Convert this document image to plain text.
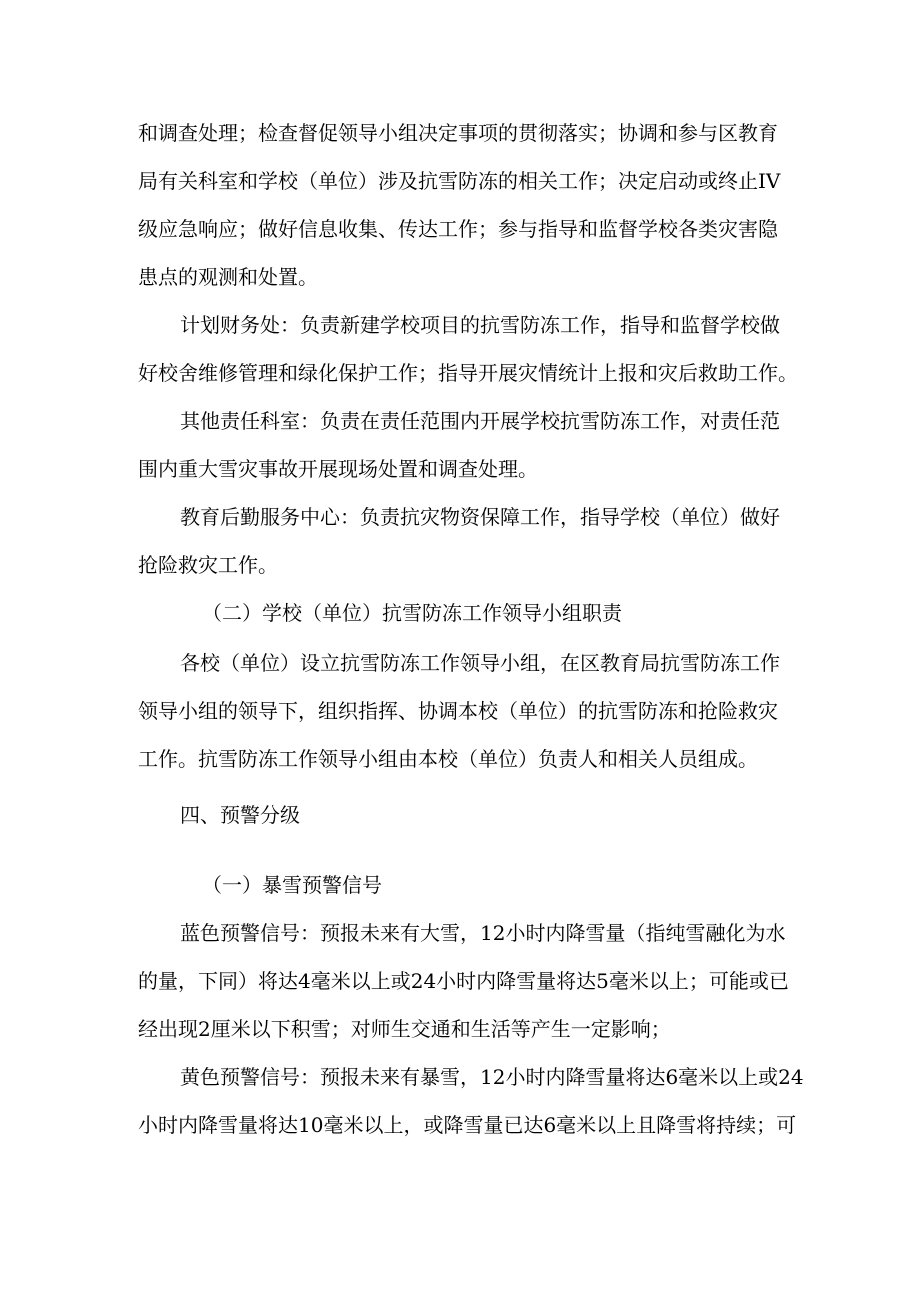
和调查处理；检查督促领导小组决定事项的贯彻落实；协调和参与区教育
局有关科室和学校（单位）涉及抗雪防冻的相关工作；决定启动或终止IV
级应急响应；做好信息收集、传达工作；参与指导和监督学校各类灾害隐
患点的观测和处置。
计划财务处：负责新建学校项目的抗雪防冻工作，指导和监督学校做
好校舍维修管理和绿化保护工作；指导开展灾情统计上报和灾后救助工作。
其他责任科室：负责在责任范围内开展学校抗雪防冻工作，对责任范
围内重大雪灾事故开展现场处置和调查处理。
教育后勤服务中心：负责抗灾物资保障工作，指导学校（单位）做好
抢险救灾工作。
（二）学校（单位）抗雪防冻工作领导小组职责
各校（单位）设立抗雪防冻工作领导小组，在区教育局抗雪防冻工作
领导小组的领导下，组织指挥、协调本校（单位）的抗雪防冻和抢险救灾
工作。抗雪防冻工作领导小组由本校（单位）负责人和相关人员组成。
四、预警分级
（一）暴雪预警信号
蓝色预警信号：预报未来有大雪，12小时内降雪量（指纯雪融化为水
的量，下同）将达4毫米以上或24小时内降雪量将达5毫米以上；可能或已
经出现2厘米以下积雪；对师生交通和生活等产生一定影响；
黄色预警信号：预报未来有暴雪，12小时内降雪量将达6毫米以上或24
小时内降雪量将达10毫米以上，或降雪量已达6毫米以上且降雪将持续；可
